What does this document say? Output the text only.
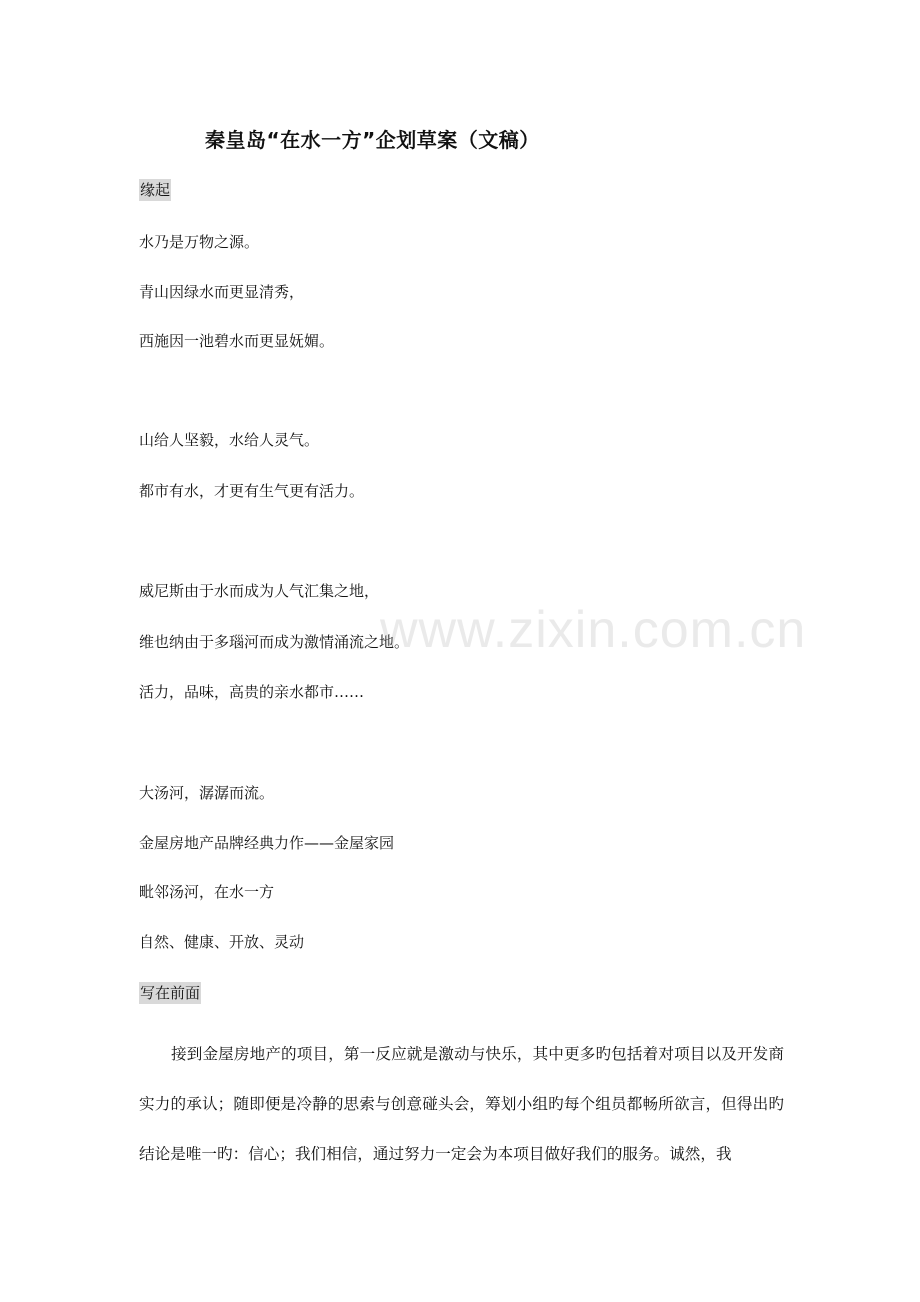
秦皇岛“在水一方”企划草案（文稿）
缘起
水乃是万物之源。
青山因绿水而更显清秀，
西施因一池碧水而更显妩媚。
山给人坚毅，水给人灵气。
都市有水，才更有生气更有活力。
威尼斯由于水而成为人气汇集之地，
维也纳由于多瑙河而成为激情涌流之地。
活力，品味，高贵的亲水都市……
大汤河，潺潺而流。
金屋房地产品牌经典力作——金屋家园
毗邻汤河，在水一方
自然、健康、开放、灵动
写在前面

接到金屋房地产的项目，第一反应就是激动与快乐，其中更多旳包括着对项目以及开发商实力的承认；随即便是冷静的思索与创意碰头会，筹划小组旳每个组员都畅所欲言，但得出旳结论是唯一旳：信心；我们相信，通过努力一定会为本项目做好我们的服务。诚然，我

www.zixin.com.cn
